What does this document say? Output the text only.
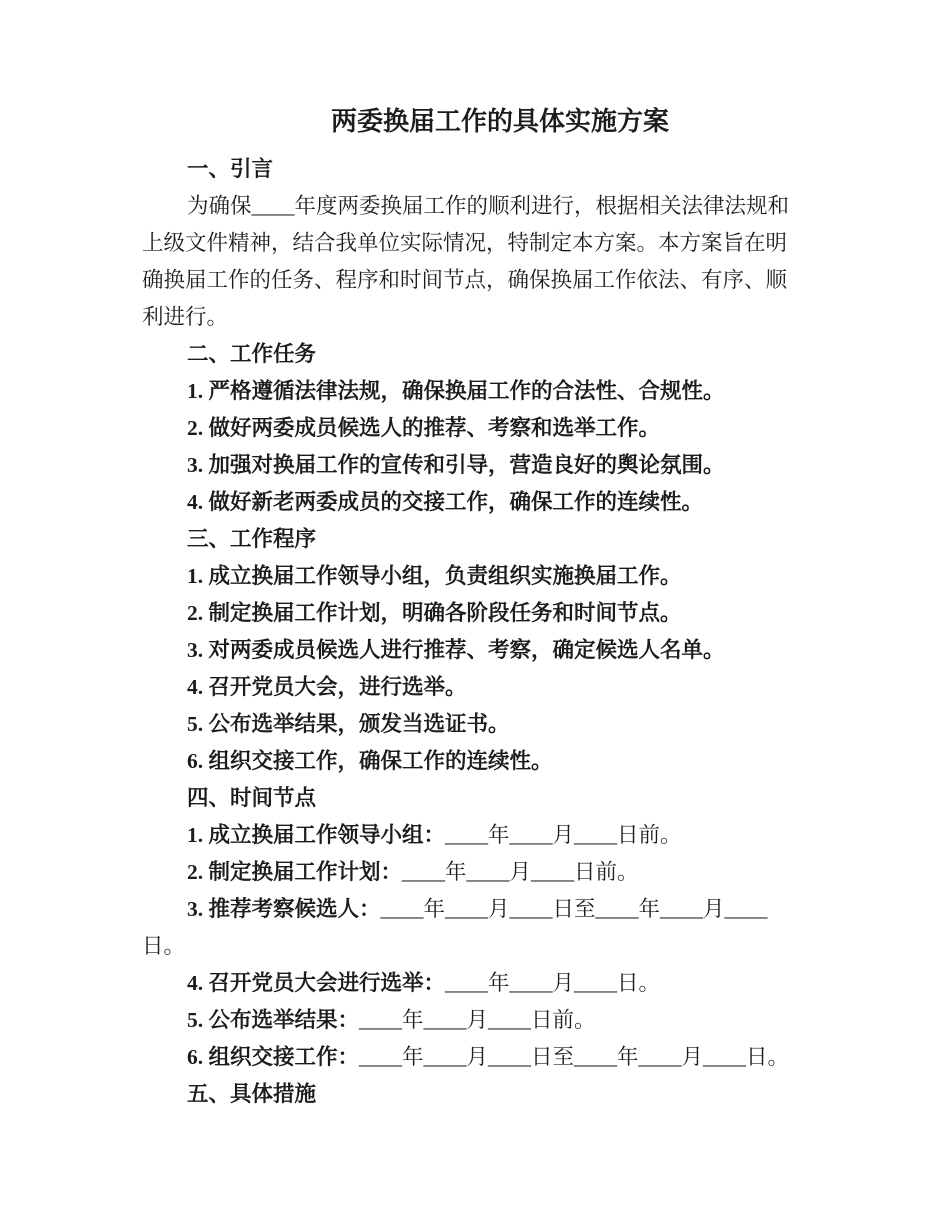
两委换届工作的具体实施方案
一、引言
为确保____年度两委换届工作的顺利进行，根据相关法律法规和
上级文件精神，结合我单位实际情况，特制定本方案。本方案旨在明
确换届工作的任务、程序和时间节点，确保换届工作依法、有序、顺
利进行。
二、工作任务
1. 严格遵循法律法规，确保换届工作的合法性、合规性。
2. 做好两委成员候选人的推荐、考察和选举工作。
3. 加强对换届工作的宣传和引导，营造良好的舆论氛围。
4. 做好新老两委成员的交接工作，确保工作的连续性。
三、工作程序
1. 成立换届工作领导小组，负责组织实施换届工作。
2. 制定换届工作计划，明确各阶段任务和时间节点。
3. 对两委成员候选人进行推荐、考察，确定候选人名单。
4. 召开党员大会，进行选举。
5. 公布选举结果，颁发当选证书。
6. 组织交接工作，确保工作的连续性。
四、时间节点
1. 成立换届工作领导小组：____年____月____日前。
2. 制定换届工作计划：____年____月____日前。
3. 推荐考察候选人：____年____月____日至____年____月____
日。
4. 召开党员大会进行选举：____年____月____日。
5. 公布选举结果：____年____月____日前。
6. 组织交接工作：____年____月____日至____年____月____日。
五、具体措施
